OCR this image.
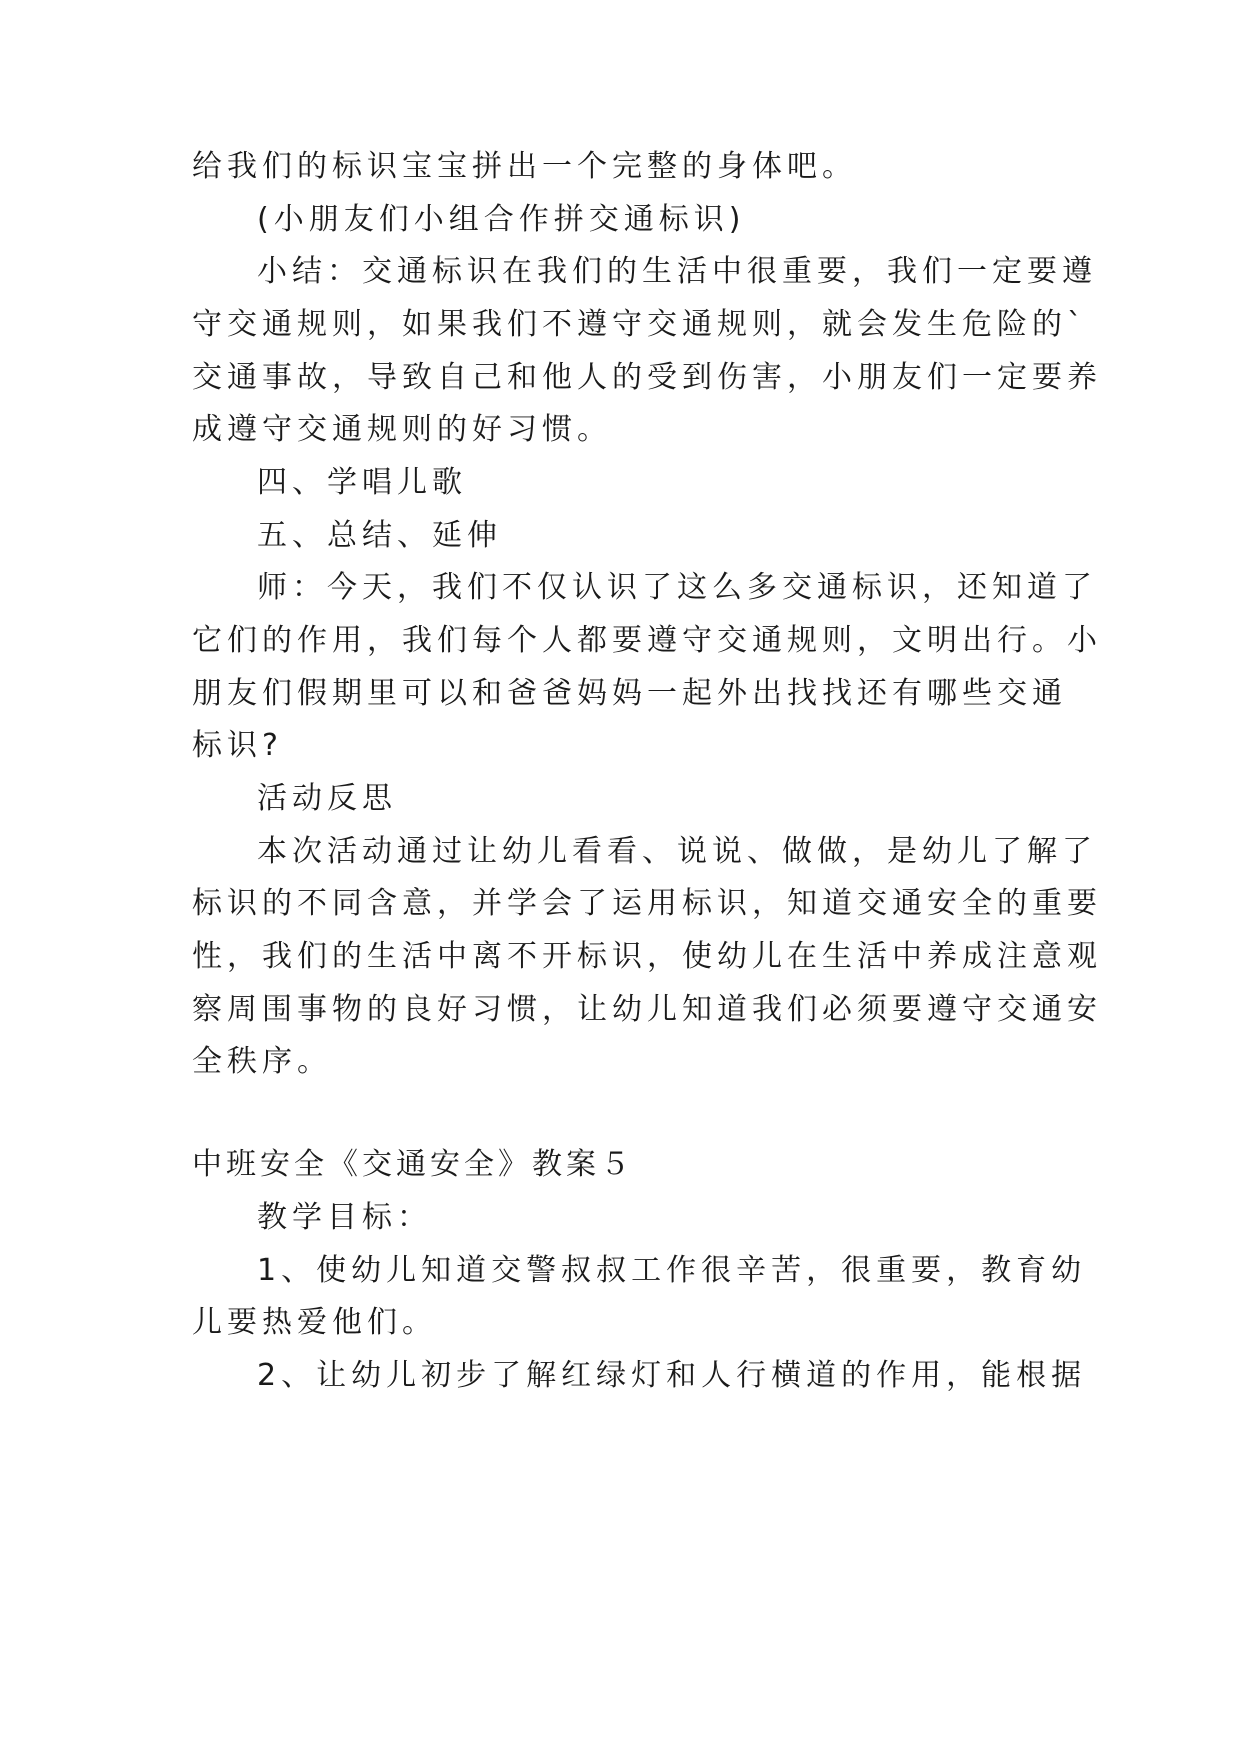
给我们的标识宝宝拼出一个完整的身体吧。
(小朋友们小组合作拼交通标识)
小结：交通标识在我们的生活中很重要，我们一定要遵
守交通规则，如果我们不遵守交通规则，就会发生危险的`
交通事故，导致自己和他人的受到伤害，小朋友们一定要养
成遵守交通规则的好习惯。
四、学唱儿歌
五、总结、延伸
师：今天，我们不仅认识了这么多交通标识，还知道了
它们的作用，我们每个人都要遵守交通规则，文明出行。小
朋友们假期里可以和爸爸妈妈一起外出找找还有哪些交通
标识?
活动反思
本次活动通过让幼儿看看、说说、做做，是幼儿了解了
标识的不同含意，并学会了运用标识，知道交通安全的重要
性，我们的生活中离不开标识，使幼儿在生活中养成注意观
察周围事物的良好习惯，让幼儿知道我们必须要遵守交通安
全秩序。
中班安全《交通安全》教案５
教学目标：
1、使幼儿知道交警叔叔工作很辛苦，很重要，教育幼
儿要热爱他们。
2、让幼儿初步了解红绿灯和人行横道的作用，能根据
